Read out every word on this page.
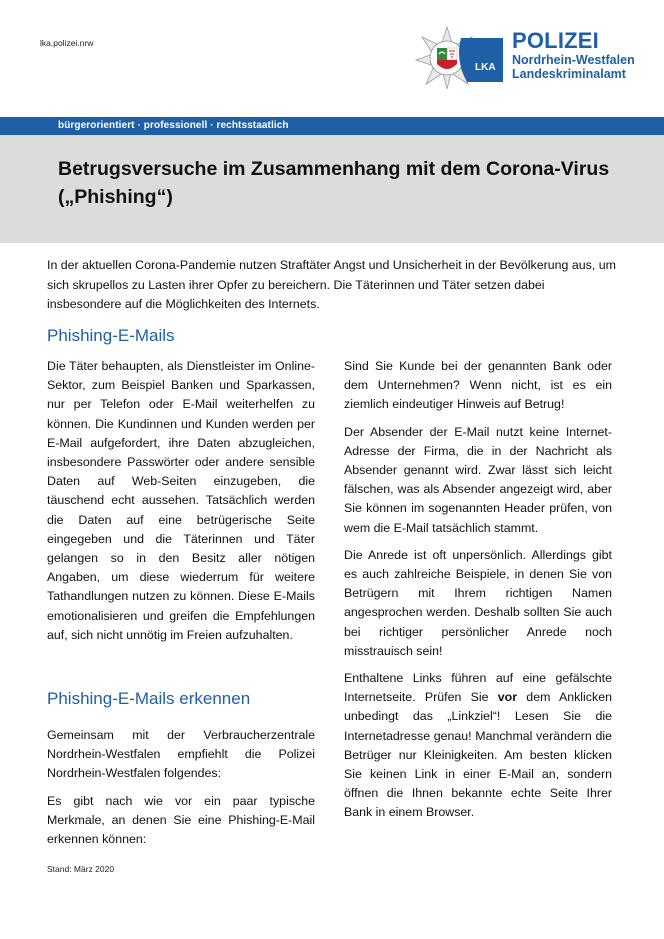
lka.polizei.nrw
LKA
POLIZEI
Nordrhein-Westfalen
Landeskriminalamt
bürgerorientiert · professionell · rechtsstaatlich
Betrugsversuche im Zusammenhang mit dem Corona-Virus („Phishing“)

In der aktuellen Corona-Pandemie nutzen Straftäter Angst und Unsicherheit in der Bevölkerung aus, um sich skrupellos zu Lasten ihrer Opfer zu bereichern. Die Täterinnen und Täter setzen dabei insbesondere auf die Möglichkeiten des Internets.

Phishing-E-Mails

Die Täter behaupten, als Dienstleister im Online-Sektor, zum Beispiel Banken und Sparkassen, nur per Telefon oder E-Mail weiterhelfen zu können. Die Kundinnen und Kunden werden per E-Mail aufgefordert, ihre Daten abzugleichen, insbesondere Passwörter oder andere sensible Daten auf Web-Seiten einzugeben, die täuschend echt aussehen. Tatsächlich werden die Daten auf eine betrügerische Seite eingegeben und die Täterinnen und Täter gelangen so in den Besitz aller nötigen Angaben, um diese wiederrum für weitere Tathandlungen nutzen zu können. Diese E-Mails emotionalisieren und greifen die Empfehlungen auf, sich nicht unnötig im Freien aufzuhalten.

Phishing-E-Mails erkennen

Gemeinsam mit der Verbraucherzentrale Nordrhein-Westfalen empfiehlt die Polizei Nordrhein-Westfalen folgendes:

Es gibt nach wie vor ein paar typische Merkmale, an denen Sie eine Phishing-E-Mail erkennen können:

Sind Sie Kunde bei der genannten Bank oder dem Unternehmen? Wenn nicht, ist es ein ziemlich eindeutiger Hinweis auf Betrug!

Der Absender der E-Mail nutzt keine Internet-Adresse der Firma, die in der Nachricht als Absender genannt wird. Zwar lässt sich leicht fälschen, was als Absender angezeigt wird, aber Sie können im sogenannten Header prüfen, von wem die E-Mail tatsächlich stammt.

Die Anrede ist oft unpersönlich. Allerdings gibt es auch zahlreiche Beispiele, in denen Sie von Betrügern mit Ihrem richtigen Namen angesprochen werden. Deshalb sollten Sie auch bei richtiger persönlicher Anrede noch misstrauisch sein!

Enthaltene Links führen auf eine gefälschte Internetseite. Prüfen Sie vor dem Anklicken unbedingt das „Linkziel“! Lesen Sie die Internetadresse genau! Manchmal verändern die Betrüger nur Kleinigkeiten. Am besten klicken Sie keinen Link in einer E-Mail an, sondern öffnen die Ihnen bekannte echte Seite Ihrer Bank in einem Browser.

Stand: März 2020
